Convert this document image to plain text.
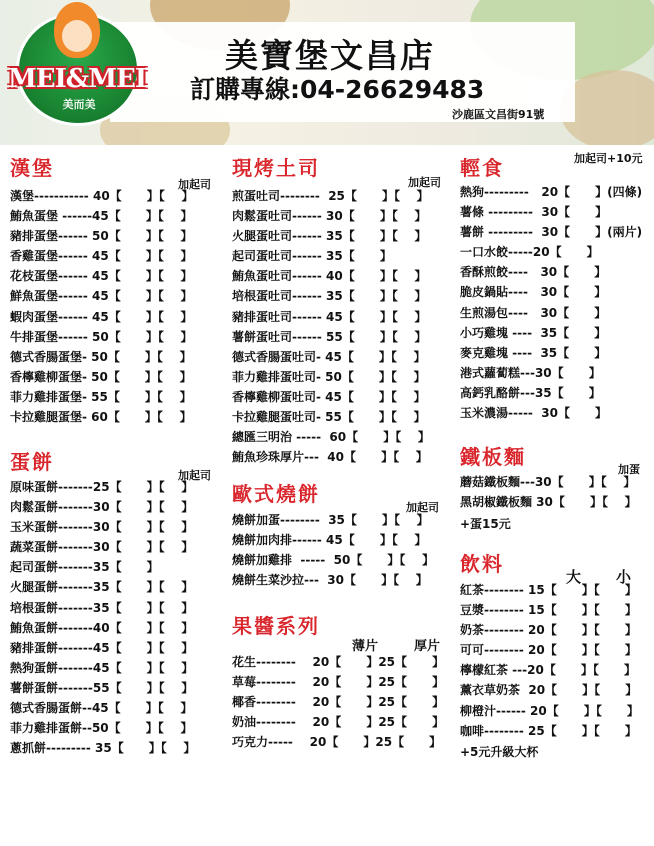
MEI&MEI
美而美
美寶堡文昌店
訂購專線:04-26629483
沙鹿區文昌街91號
漢堡
加起司
漢堡----------- 40【      】【    】
鮪魚蛋堡 ------45【      】【    】
豬排蛋堡------ 50【      】【    】
香雞蛋堡------ 45【      】【    】
花枝蛋堡------ 45【      】【    】
鮮魚蛋堡------ 45【      】【    】
蝦肉蛋堡------ 45【      】【    】
牛排蛋堡------ 50【      】【    】
德式香腸蛋堡- 50【      】【    】
香檸雞柳蛋堡- 50【      】【    】
菲力雞排蛋堡- 55【      】【    】
卡拉雞腿蛋堡- 60【      】【    】
蛋餅
加起司
原味蛋餅-------25【      】【    】
肉鬆蛋餅-------30【      】【    】
玉米蛋餅-------30【      】【    】
蔬菜蛋餅-------30【      】【    】
起司蛋餅-------35【      】
火腿蛋餅-------35【      】【    】
培根蛋餅-------35【      】【    】
鮪魚蛋餅-------40【      】【    】
豬排蛋餅-------45【      】【    】
熱狗蛋餅-------45【      】【    】
薯餅蛋餅-------55【      】【    】
德式香腸蛋餅--45【      】【    】
菲力雞排蛋餅--50【      】【    】
蔥抓餅--------- 35【      】【    】
現烤土司
加起司
煎蛋吐司--------  25【      】【    】
肉鬆蛋吐司------ 30【      】【    】
火腿蛋吐司------ 35【      】【    】
起司蛋吐司------ 35【      】
鮪魚蛋吐司------ 40【      】【    】
培根蛋吐司------ 35【      】【    】
豬排蛋吐司------ 45【      】【    】
薯餅蛋吐司------ 55【      】【    】
德式香腸蛋吐司- 45【      】【    】
菲力雞排蛋吐司- 50【      】【    】
香檸雞柳蛋吐司- 45【      】【    】
卡拉雞腿蛋吐司- 55【      】【    】
總匯三明治 -----  60【      】【    】
鮪魚珍珠厚片---  40【      】【    】
歐式燒餅
加起司
燒餅加蛋--------  35【      】【    】
燒餅加肉排------ 45【      】【    】
燒餅加雞排  -----  50【      】【    】
燒餅生菜沙拉---  30【      】【    】
果醬系列
薄片	厚片
花生--------    20【      】25【      】
草莓--------    20【      】25【      】
椰香--------    20【      】25【      】
奶油--------    20【      】25【      】
巧克力-----    20【      】25【      】
輕食	加起司+10元
熱狗---------   20【      】(四條)
薯條 ---------  30【      】
薯餅 ---------  30【      】(兩片)
一口水餃-----20【      】
香酥煎餃----   30【      】
脆皮鍋貼----   30【      】
生煎湯包----   30【      】
小巧雞塊 ----  35【      】
麥克雞塊 ----  35【      】
港式蘿蔔糕---30【      】
高鈣乳酪餅---35【      】
玉米濃湯-----  30【      】
鐵板麵
加蛋
蘑菇鐵板麵---30【      】【    】
黑胡椒鐵板麵 30【      】【    】
+蛋15元
飲料
大 小
紅茶-------- 15【      】【      】
豆漿-------- 15【      】【      】
奶茶-------- 20【      】【      】
可可-------- 20【      】【      】
檸檬紅茶 ---20【      】【      】
薰衣草奶茶  20【      】【      】
柳橙汁------ 20【      】【      】
咖啡-------- 25【      】【      】
+5元升級大杯
